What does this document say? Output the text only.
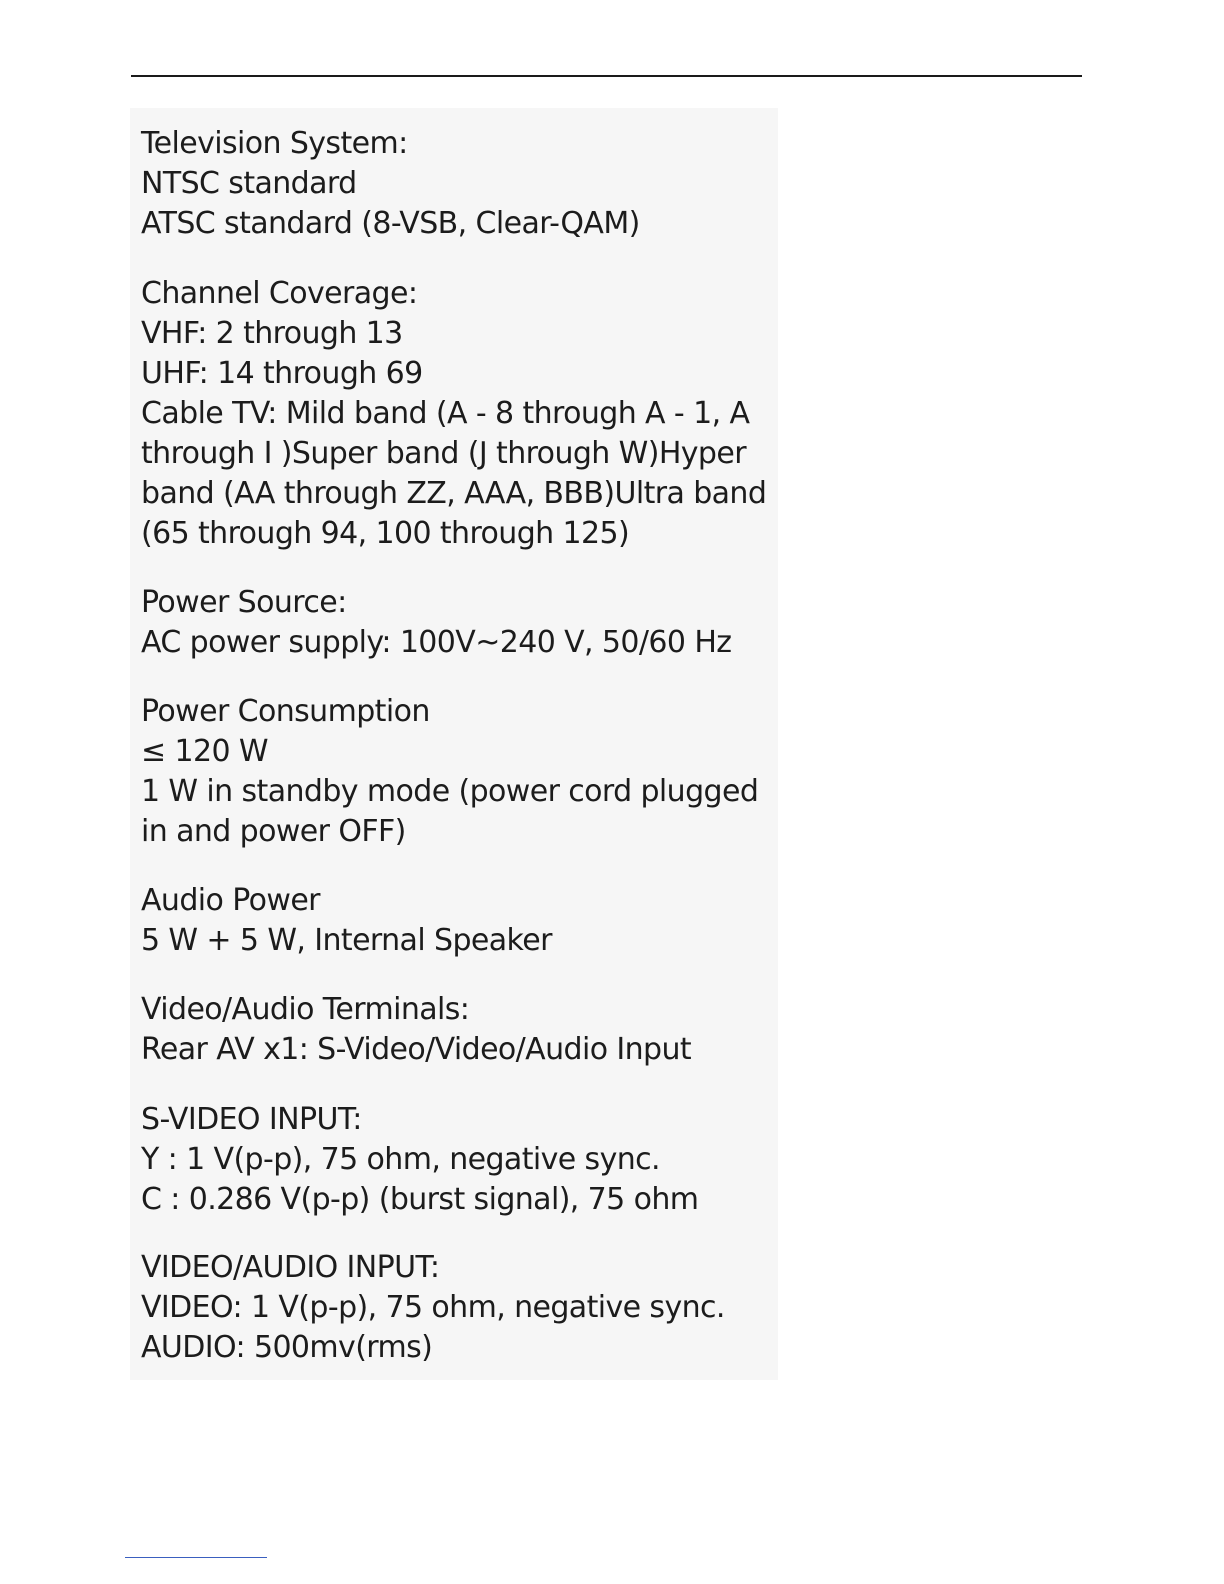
Television System:
NTSC standard
ATSC standard (8-VSB, Clear-QAM)
Channel Coverage:
VHF: 2 through 13
UHF: 14 through 69
Cable TV: Mild band (A - 8 through A - 1, A
through I )Super band (J through W)Hyper
band (AA through ZZ, AAA, BBB)Ultra band
(65 through 94, 100 through 125)
Power Source:
AC power supply: 100V~240 V, 50/60 Hz
Power Consumption
≤ 120 W
1 W in standby mode (power cord plugged
in and power OFF)
Audio Power
5 W + 5 W, Internal Speaker
Video/Audio Terminals:
Rear AV x1: S-Video/Video/Audio Input
S-VIDEO INPUT:
Y : 1 V(p-p), 75 ohm, negative sync.
C : 0.286 V(p-p) (burst signal), 75 ohm
VIDEO/AUDIO INPUT:
VIDEO: 1 V(p-p), 75 ohm, negative sync.
AUDIO: 500mv(rms)
